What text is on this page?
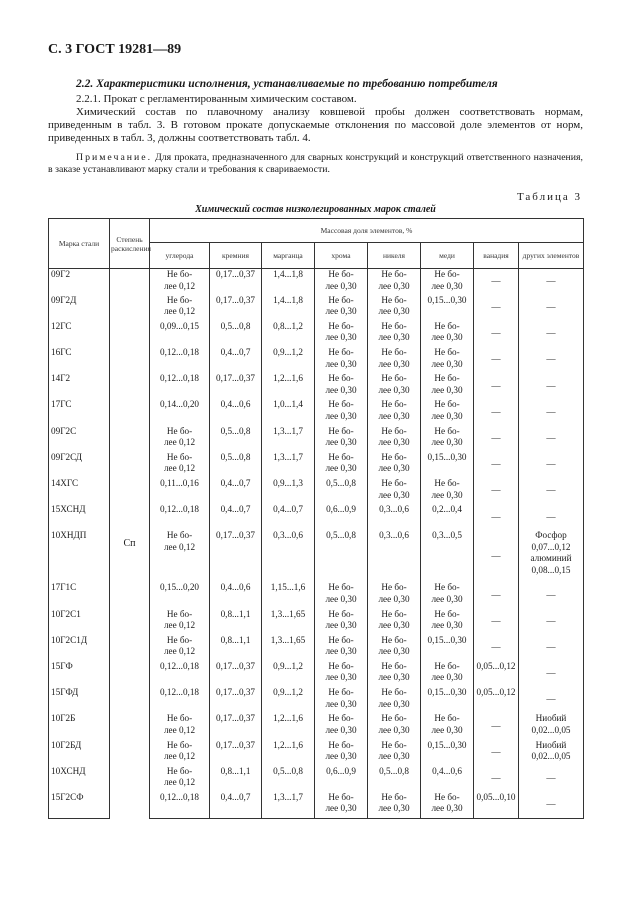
С. 3 ГОСТ 19281—89
2.2. Характеристики исполнения, устанавливаемые по требованию потребителя
2.2.1. Прокат с регламентированным химическим составом.
Химический состав по плавочному анализу ковшевой пробы должен соответствовать нормам, приведенным в табл. 3. В готовом прокате допускаемые отклонения по массовой доле элементов от норм, приведенных в табл. 3, должны соответствовать табл. 4.
Примечание. Для проката, предназначенного для сварных конструкций и конструкций ответственного назначения, в заказе устанавливают марку стали и требования к свариваемости.
Таблица 3
Химический состав низколегированных марок сталей
Марка стали	Степень раскисления	Массовая доля элементов, %							
		углерода	кремния	марганца	хрома	никеля	меди	ванадия	других элементов
09Г2	Сп	Не бо-
лее 0,12	0,17...0,37	1,4...1,8	Не бо-
лее 0,30	Не бо-
лее 0,30	Не бо-
лее 0,30	—	—
09Г2Д		Не бо-
лее 0,12	0,17...0,37	1,4...1,8	Не бо-
лее 0,30	Не бо-
лее 0,30	0,15...0,30	—	—
12ГС		0,09...0,15	0,5...0,8	0,8...1,2	Не бо-
лее 0,30	Не бо-
лее 0,30	Не бо-
лее 0,30	—	—
16ГС		0,12...0,18	0,4...0,7	0,9...1,2	Не бо-
лее 0,30	Не бо-
лее 0,30	Не бо-
лее 0,30	—	—
14Г2		0,12...0,18	0,17...0,37	1,2...1,6	Не бо-
лее 0,30	Не бо-
лее 0,30	Не бо-
лее 0,30	—	—
17ГС		0,14...0,20	0,4...0,6	1,0...1,4	Не бо-
лее 0,30	Не бо-
лее 0,30	Не бо-
лее 0,30	—	—
09Г2С		Не бо-
лее 0,12	0,5...0,8	1,3...1,7	Не бо-
лее 0,30	Не бо-
лее 0,30	Не бо-
лее 0,30	—	—
09Г2СД		Не бо-
лее 0,12	0,5...0,8	1,3...1,7	Не бо-
лее 0,30	Не бо-
лее 0,30	0,15...0,30	—	—
14ХГС		0,11...0,16	0,4...0,7	0,9...1,3	0,5...0,8	Не бо-
лее 0,30	Не бо-
лее 0,30	—	—
15ХСНД		0,12...0,18	0,4...0,7	0,4...0,7	0,6...0,9	0,3...0,6	0,2...0,4	—	—
10ХНДП		Не бо-
лее 0,12	0,17...0,37	0,3...0,6	0,5...0,8	0,3...0,6	0,3...0,5	—	Фосфор
0,07...0,12
алюминий
0,08...0,15
17Г1С		0,15...0,20	0,4...0,6	1,15...1,6	Не бо-
лее 0,30	Не бо-
лее 0,30	Не бо-
лее 0,30	—	—
10Г2С1		Не бо-
лее 0,12	0,8...1,1	1,3...1,65	Не бо-
лее 0,30	Не бо-
лее 0,30	Не бо-
лее 0,30	—	—
10Г2С1Д		Не бо-
лее 0,12	0,8...1,1	1,3...1,65	Не бо-
лее 0,30	Не бо-
лее 0,30	0,15...0,30	—	—
15ГФ		0,12...0,18	0,17...0,37	0,9...1,2	Не бо-
лее 0,30	Не бо-
лее 0,30	Не бо-
лее 0,30	0,05...0,12	—
15ГФД		0,12...0,18	0,17...0,37	0,9...1,2	Не бо-
лее 0,30	Не бо-
лее 0,30	0,15...0,30	0,05...0,12	—
10Г2Б		Не бо-
лее 0,12	0,17...0,37	1,2...1,6	Не бо-
лее 0,30	Не бо-
лее 0,30	Не бо-
лее 0,30	—	Ниобий
0,02...0,05
10Г2БД		Не бо-
лее 0,12	0,17...0,37	1,2...1,6	Не бо-
лее 0,30	Не бо-
лее 0,30	0,15...0,30	—	Ниобий
0,02...0,05
10ХСНД		Не бо-
лее 0,12	0,8...1,1	0,5...0,8	0,6...0,9	0,5...0,8	0,4...0,6	—	—
15Г2СФ		0,12...0,18	0,4...0,7	1,3...1,7	Не бо-
лее 0,30	Не бо-
лее 0,30	Не бо-
лее 0,30	0,05...0,10	—
